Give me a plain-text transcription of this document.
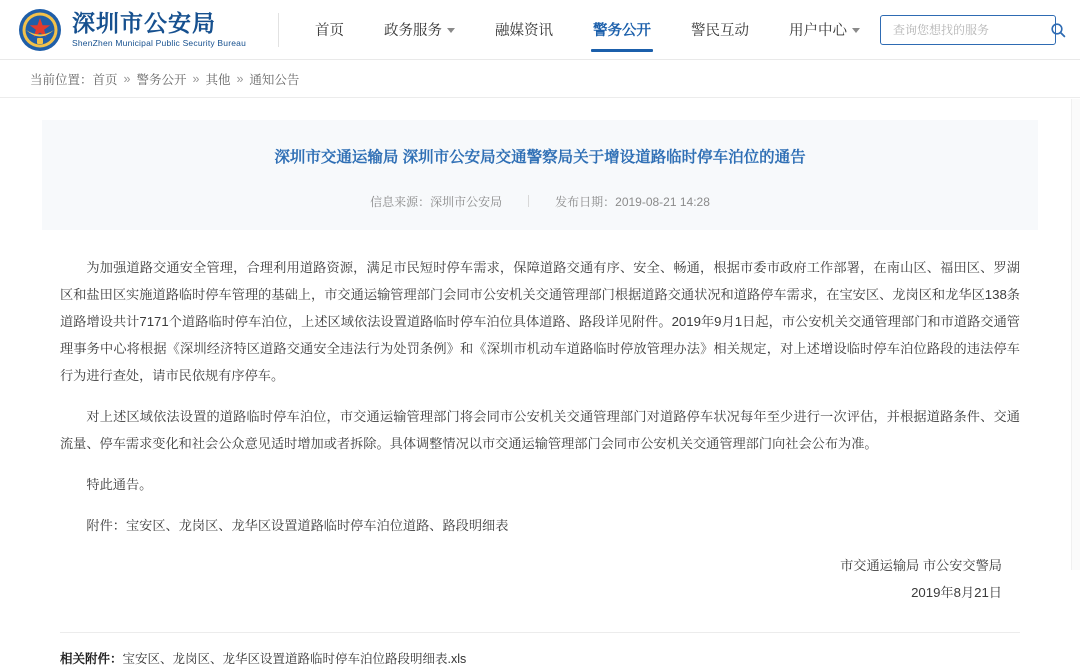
深圳市公安局
ShenZhen Municipal Public Security Bureau
首页	政务服务	融媒资讯	警务公开	警民互动	用户中心
查询您想找的服务
当前位置： 首页 » 警务公开 » 其他 » 通知公告
深圳市交通运输局 深圳市公安局交通警察局关于增设道路临时停车泊位的通告
信息来源：深圳市公安局	发布日期：2019-08-21 14:28

为加强道路交通安全管理，合理利用道路资源，满足市民短时停车需求，保障道路交通有序、安全、畅通，根据市委市政府工作部署，在南山区、福田区、罗湖区和盐田区实施道路临时停车管理的基础上，市交通运输管理部门会同市公安机关交通管理部门根据道路交通状况和道路停车需求，在宝安区、龙岗区和龙华区138条道路增设共计7171个道路临时停车泊位，上述区域依法设置道路临时停车泊位具体道路、路段详见附件。2019年9月1日起，市公安机关交通管理部门和市道路交通管理事务中心将根据《深圳经济特区道路交通安全违法行为处罚条例》和《深圳市机动车道路临时停放管理办法》相关规定，对上述增设临时停车泊位路段的违法停车行为进行查处，请市民依规有序停车。

对上述区域依法设置的道路临时停车泊位，市交通运输管理部门将会同市公安机关交通管理部门对道路停车状况每年至少进行一次评估，并根据道路条件、交通流量、停车需求变化和社会公众意见适时增加或者拆除。具体调整情况以市交通运输管理部门会同市公安机关交通管理部门向社会公布为准。

特此通告。

附件：宝安区、龙岗区、龙华区设置道路临时停车泊位道路、路段明细表

市交通运输局 市公安交警局
2019年8月21日
相关附件：宝安区、龙岗区、龙华区设置道路临时停车泊位路段明细表.xls
